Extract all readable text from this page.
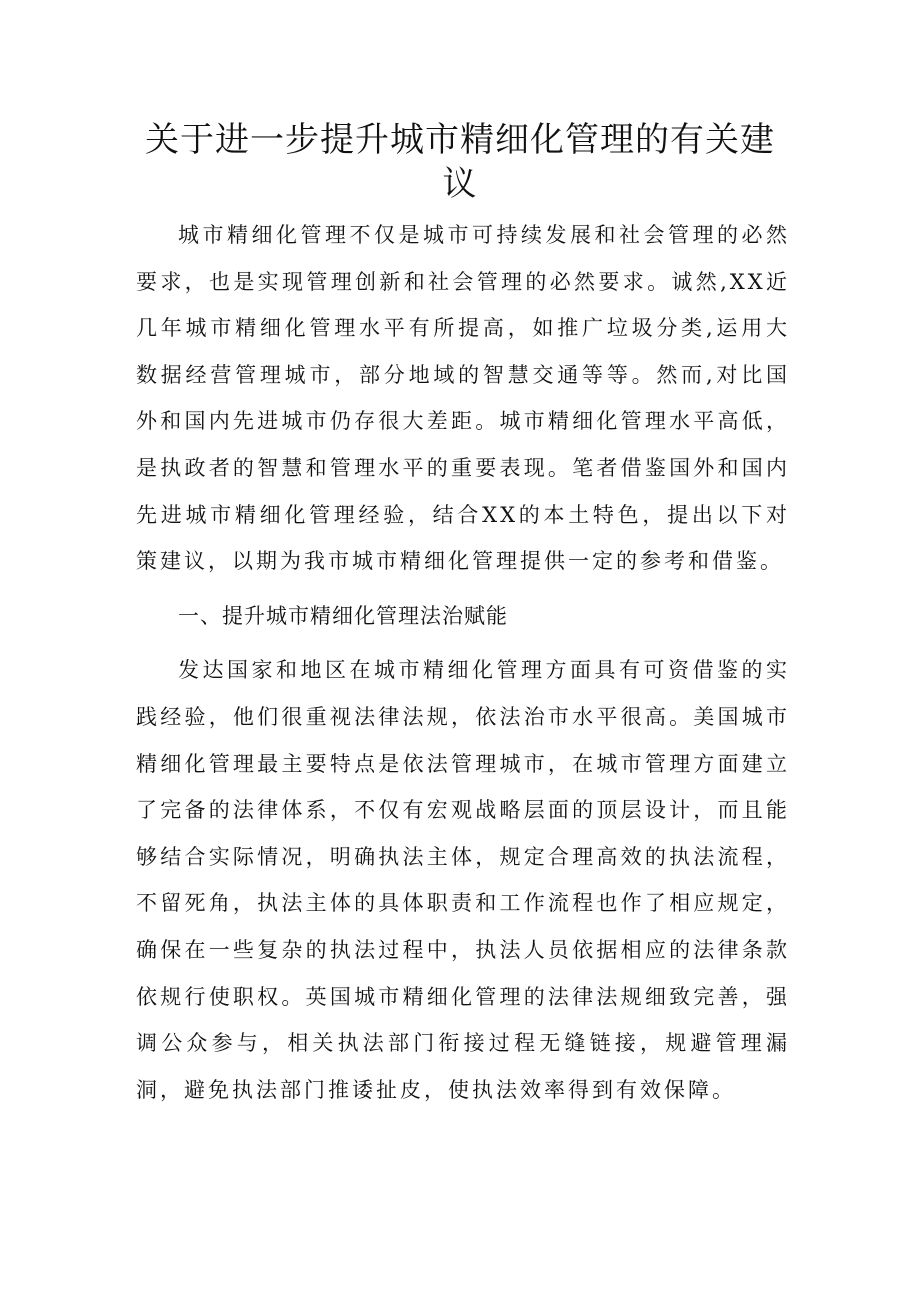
关于进一步提升城市精细化管理的有关建议

城市精细化管理不仅是城市可持续发展和社会管理的必然要求，也是实现管理创新和社会管理的必然要求。诚然,XX近几年城市精细化管理水平有所提高，如推广垃圾分类,运用大数据经营管理城市，部分地域的智慧交通等等。然而,对比国外和国内先进城市仍存很大差距。城市精细化管理水平高低，是执政者的智慧和管理水平的重要表现。笔者借鉴国外和国内先进城市精细化管理经验，结合XX的本土特色，提出以下对策建议，以期为我市城市精细化管理提供一定的参考和借鉴。

一、提升城市精细化管理法治赋能

发达国家和地区在城市精细化管理方面具有可资借鉴的实践经验，他们很重视法律法规，依法治市水平很高。美国城市精细化管理最主要特点是依法管理城市，在城市管理方面建立了完备的法律体系，不仅有宏观战略层面的顶层设计，而且能够结合实际情况，明确执法主体，规定合理高效的执法流程，不留死角，执法主体的具体职责和工作流程也作了相应规定，确保在一些复杂的执法过程中，执法人员依据相应的法律条款依规行使职权。英国城市精细化管理的法律法规细致完善，强调公众参与，相关执法部门衔接过程无缝链接，规避管理漏洞，避免执法部门推诿扯皮，使执法效率得到有效保障。
